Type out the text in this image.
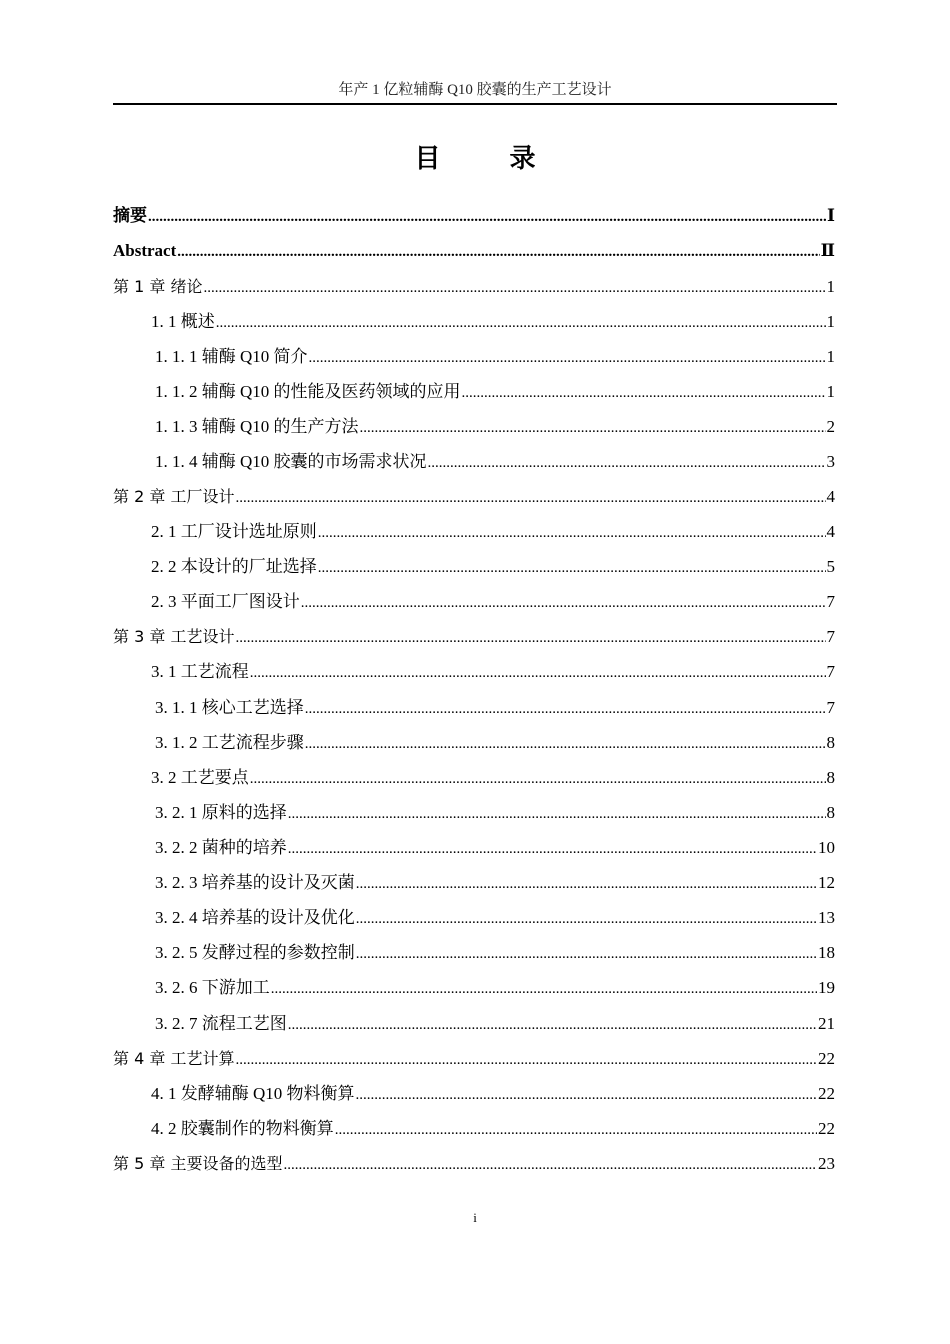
年产 1 亿粒辅酶 Q10 胶囊的生产工艺设计
目 录
摘要 .....	Ⅰ
Abstract .....	Ⅱ
第 1 章 绪论 .....	1
1. 1 概述 .....	1
1. 1. 1 辅酶 Q10 简介 .....	1
1. 1. 2 辅酶 Q10 的性能及医药领域的应用 .....	1
1. 1. 3 辅酶 Q10 的生产方法 .....	2
1. 1. 4 辅酶 Q10 胶囊的市场需求状况 .....	3
第 2 章 工厂设计 .....	4
2. 1 工厂设计选址原则 .....	4
2. 2 本设计的厂址选择 .....	5
2. 3 平面工厂图设计 .....	7
第 3 章 工艺设计 .....	7
3. 1 工艺流程 .....	7
3. 1. 1 核心工艺选择 .....	7
3. 1. 2 工艺流程步骤 .....	8
3. 2 工艺要点 .....	8
3. 2. 1 原料的选择 .....	8
3. 2. 2 菌种的培养 .....	10
3. 2. 3 培养基的设计及灭菌 .....	12
3. 2. 4 培养基的设计及优化 .....	13
3. 2. 5 发酵过程的参数控制 .....	18
3. 2. 6 下游加工 .....	19
3. 2. 7 流程工艺图 .....	21
第 4 章 工艺计算 .....	22
4. 1 发酵辅酶 Q10 物料衡算 .....	22
4. 2 胶囊制作的物料衡算 .....	22
第 5 章 主要设备的选型 .....	23
i
